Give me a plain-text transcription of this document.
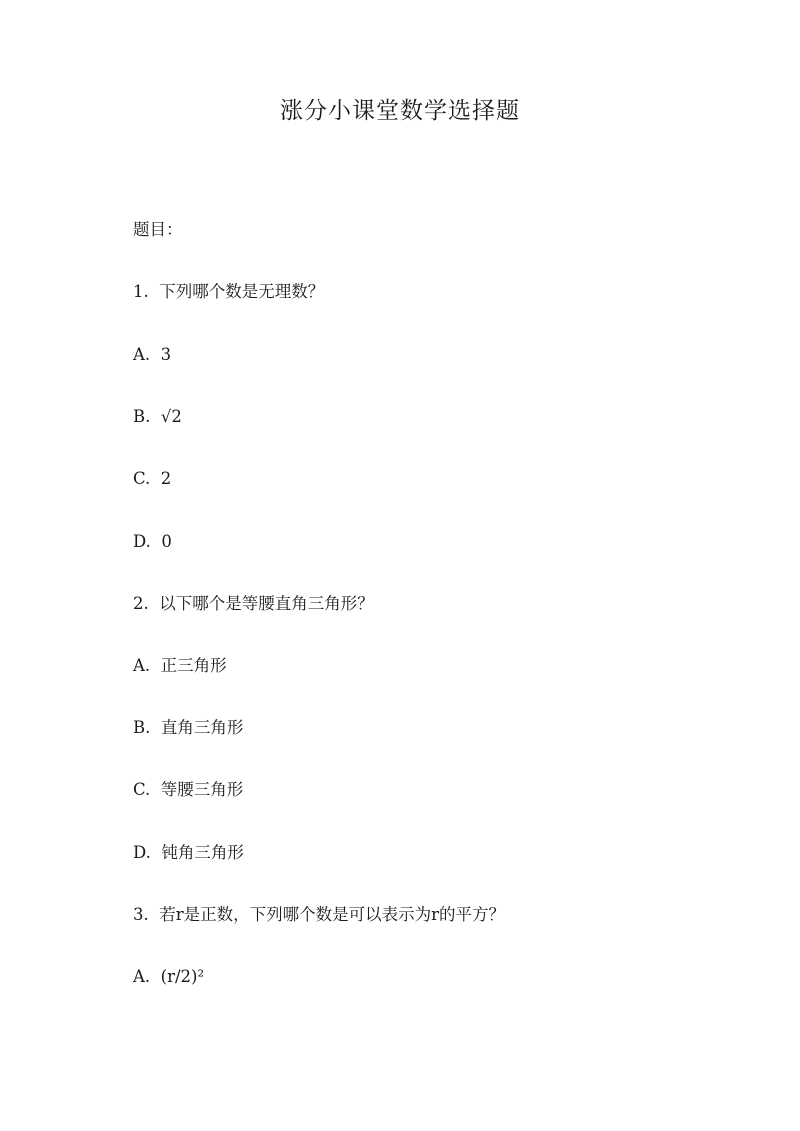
涨分小课堂数学选择题
题目：
1.  下列哪个数是无理数？
A.  3
B.  √2
C.  2
D.  0
2.  以下哪个是等腰直角三角形？
A.  正三角形
B.  直角三角形
C.  等腰三角形
D.  钝角三角形
3.  若r是正数，下列哪个数是可以表示为r的平方？
A.  (r/2)²
